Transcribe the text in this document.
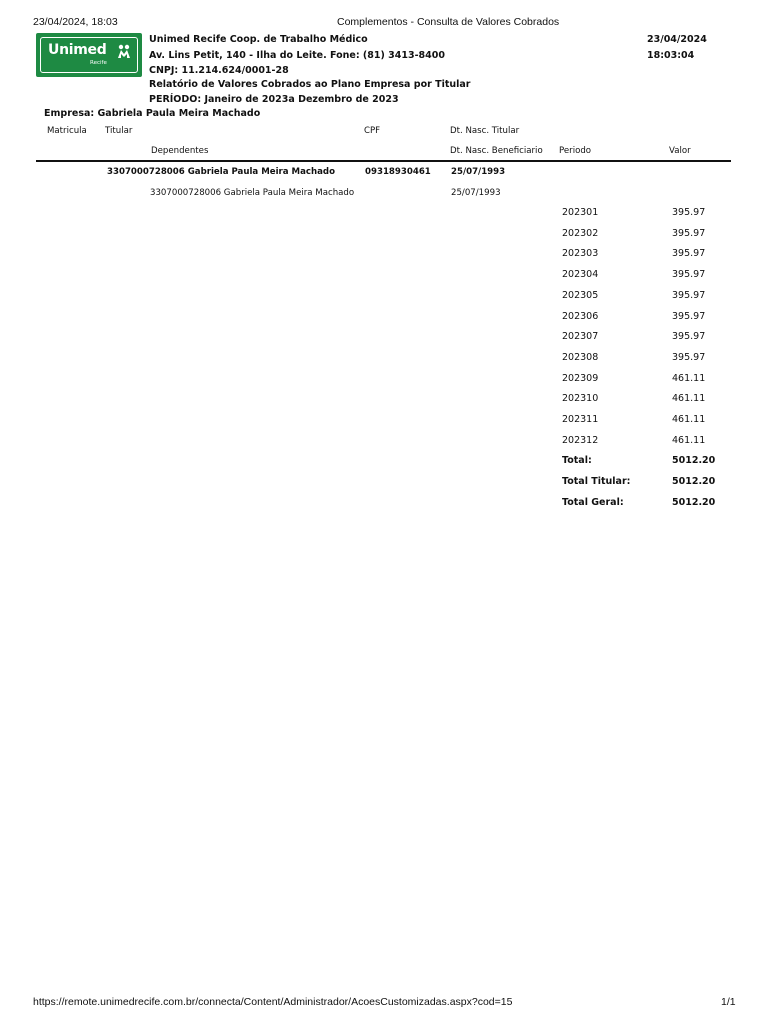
23/04/2024, 18:03	Complementos - Consulta de Valores Cobrados
Unimed
Recife
Unimed Recife Coop. de Trabalho Médico
Av. Lins Petit, 140 - Ilha do Leite. Fone: (81) 3413-8400
CNPJ: 11.214.624/0001-28
Relatório de Valores Cobrados ao Plano Empresa por Titular
PERÍODO: Janeiro de 2023a Dezembro de 2023
23/04/2024
18:03:04
Empresa: Gabriela Paula Meira Machado
Matricula Titular	CPF	Dt. Nasc. Titular
Dependentes	Dt. Nasc. Beneficiario Periodo	Valor
3307000728006 Gabriela Paula Meira Machado	09318930461 25/07/1993
3307000728006 Gabriela Paula Meira Machado	25/07/1993
202301	395.97
202302	395.97
202303	395.97
202304	395.97
202305	395.97
202306	395.97
202307	395.97
202308	395.97
202309	461.11
202310	461.11
202311	461.11
202312	461.11
Total:	5012.20
Total Titular:	5012.20
Total Geral:	5012.20
https://remote.unimedrecife.com.br/connecta/Content/Administrador/AcoesCustomizadas.aspx?cod=15	1/1
